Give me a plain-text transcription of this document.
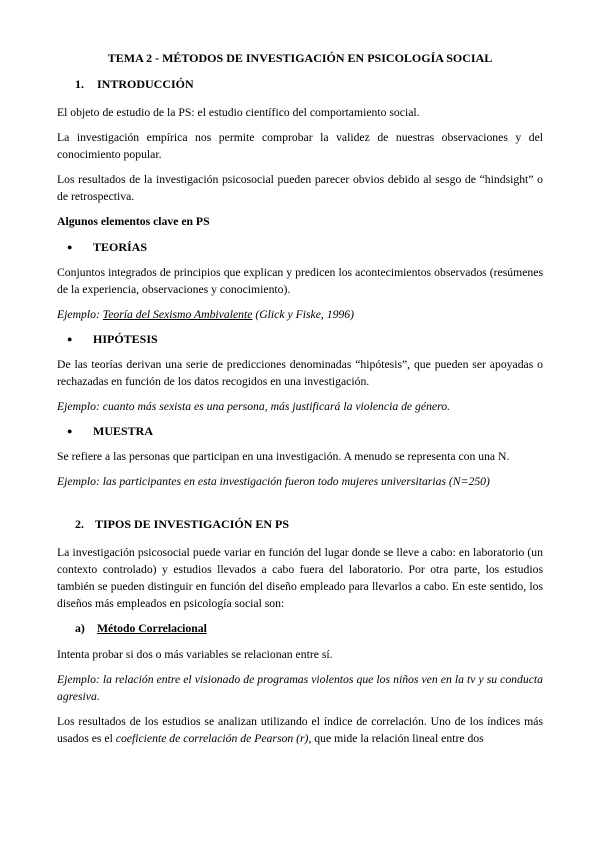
TEMA 2 - MÉTODOS DE INVESTIGACIÓN EN PSICOLOGÍA SOCIAL
1.	INTRODUCCIÓN

El objeto de estudio de la PS: el estudio científico del comportamiento social.

La investigación empírica nos permite comprobar la validez de nuestras observaciones y del conocimiento popular.

Los resultados de la investigación psicosocial pueden parecer obvios debido al sesgo de “hindsight” o de retrospectiva.

Algunos elementos clave en PS
●	TEORÍAS

Conjuntos integrados de principios que explican y predicen los acontecimientos observados (resúmenes de la experiencia, observaciones y conocimiento).

Ejemplo: Teoría del Sexismo Ambivalente (Glick y Fiske, 1996)

●	HIPÓTESIS

De las teorías derivan una serie de predicciones denominadas “hipótesis”, que pueden ser apoyadas o rechazadas en función de los datos recogidos en una investigación.

Ejemplo: cuanto más sexista es una persona, más justificará la violencia de género.

●	MUESTRA

Se refiere a las personas que participan en una investigación. A menudo se representa con una N.

Ejemplo: las participantes en esta investigación fueron todo mujeres universitarias (N=250)

2. TIPOS DE INVESTIGACIÓN EN PS

La investigación psicosocial puede variar en función del lugar donde se lleve a cabo: en laboratorio (un contexto controlado) y estudios llevados a cabo fuera del laboratorio. Por otra parte, los estudios también se pueden distinguir en función del diseño empleado para llevarlos a cabo. En este sentido, los diseños más empleados en psicología social son:

a)	Método Correlacional

Intenta probar si dos o más variables se relacionan entre sí.

Ejemplo: la relación entre el visionado de programas violentos que los niños ven en la tv y su conducta agresiva.

Los resultados de los estudios se analizan utilizando el índice de correlación. Uno de los índices más usados es el coeficiente de correlación de Pearson (r), que mide la relación lineal entre dos
